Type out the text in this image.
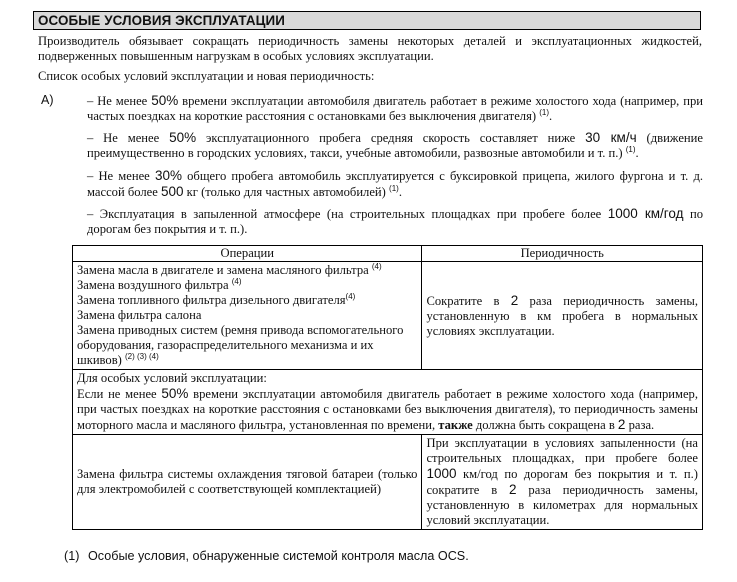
ОСОБЫЕ УСЛОВИЯ ЭКСПЛУАТАЦИИ
Производитель обязывает сокращать периодичность замены некоторых деталей и эксплуатационных жидкостей, подверженных повышенным нагрузкам в особых условиях эксплуатации.
Список особых условий эксплуатации и новая периодичность:
A)	– Не менее 50% времени эксплуатации автомобиля двигатель работает в режиме холостого хода (например, при частых поездках на короткие расстояния с остановками без выключения двигателя) $^{(1)}$.
– Не менее 50% эксплуатационного пробега средняя скорость составляет ниже 30 км/ч (движение преимущественно в городских условиях, такси, учебные автомобили, развозные автомобили и т. п.) $^{(1)}$.
– Не менее 30% общего пробега автомобиль эксплуатируется с буксировкой прицепа, жилого фургона и т. д. массой более 500 кг (только для частных автомобилей) $^{(1)}$.
– Эксплуатация в запыленной атмосфере (на строительных площадках при пробеге более 1000 км/год по дорогам без покрытия и т. п.).
Операции	Периодичность

Замена масла в двигателе и замена масляного фильтра $^{(4)}$
Замена воздушного фильтра $^{(4)}$
Замена топливного фильтра дизельного двигателя$^{(4)}$
Замена фильтра салона
Замена приводных систем (ремня привода вспомогательного оборудования, газораспределительного механизма и их шкивов) $^{(2) (3) (4)}$	Сократите в 2 раза периодичность замены, установленную в км пробега в нормальных условиях эксплуатации.

Для особых условий эксплуатации:
Если не менее 50% времени эксплуатации автомобиля двигатель работает в режиме холостого хода (например, при частых поездках на короткие расстояния с остановками без выключения двигателя), то периодичность замены моторного масла и масляного фильтра, установленная по времени, также должна быть сокращена в 2 раза.	
Замена фильтра системы охлаждения тяговой батареи (только для электромобилей с соответствующей комплектацией)	При эксплуатации в условиях запыленности (на строительных площадках, при пробеге более 1000 км/год по дорогам без покрытия и т. п.) сократите в 2 раза периодичность замены, установленную в километрах для нормальных условий эксплуатации.
(1) Особые условия, обнаруженные системой контроля масла OCS.
